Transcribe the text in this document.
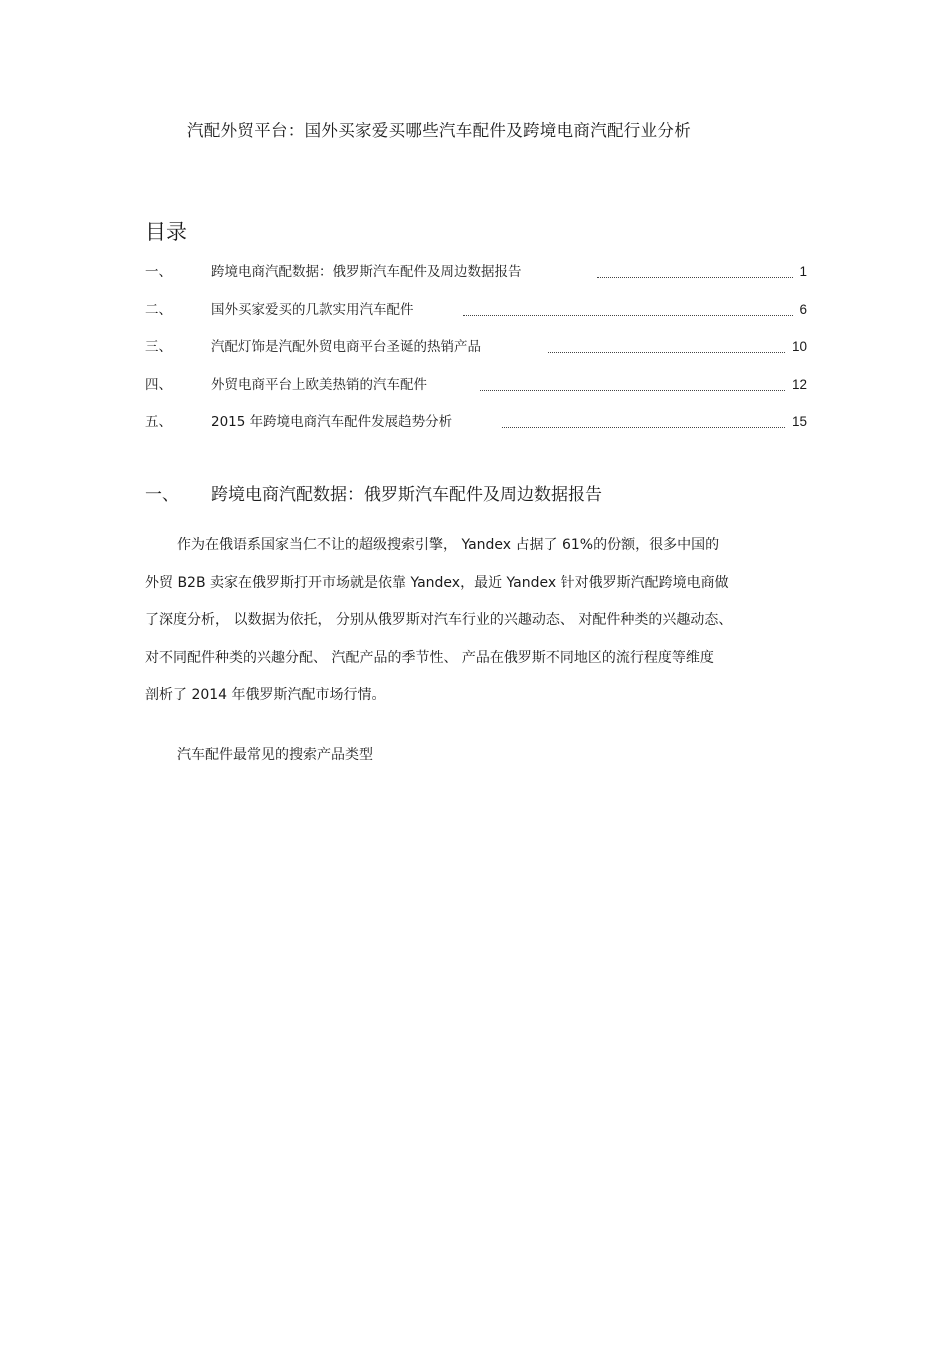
汽配外贸平台：国外买家爱买哪些汽车配件及跨境电商汽配行业分析
目录
一、	跨境电商汽配数据：俄罗斯汽车配件及周边数据报告	1
二、	国外买家爱买的几款实用汽车配件	6
三、	汽配灯饰是汽配外贸电商平台圣诞的热销产品	10
四、	外贸电商平台上欧美热销的汽车配件	12
五、	2015 年跨境电商汽车配件发展趋势分析	15
一、 跨境电商汽配数据：俄罗斯汽车配件及周边数据报告
作为在俄语系国家当仁不让的超级搜索引擎， Yandex 占据了 61%的份额，很多中国的
外贸 B2B 卖家在俄罗斯打开市场就是依靠 Yandex，最近 Yandex 针对俄罗斯汽配跨境电商做
了深度分析， 以数据为依托， 分别从俄罗斯对汽车行业的兴趣动态、 对配件种类的兴趣动态、
对不同配件种类的兴趣分配、 汽配产品的季节性、 产品在俄罗斯不同地区的流行程度等维度
剖析了 2014 年俄罗斯汽配市场行情。
汽车配件最常见的搜索产品类型
